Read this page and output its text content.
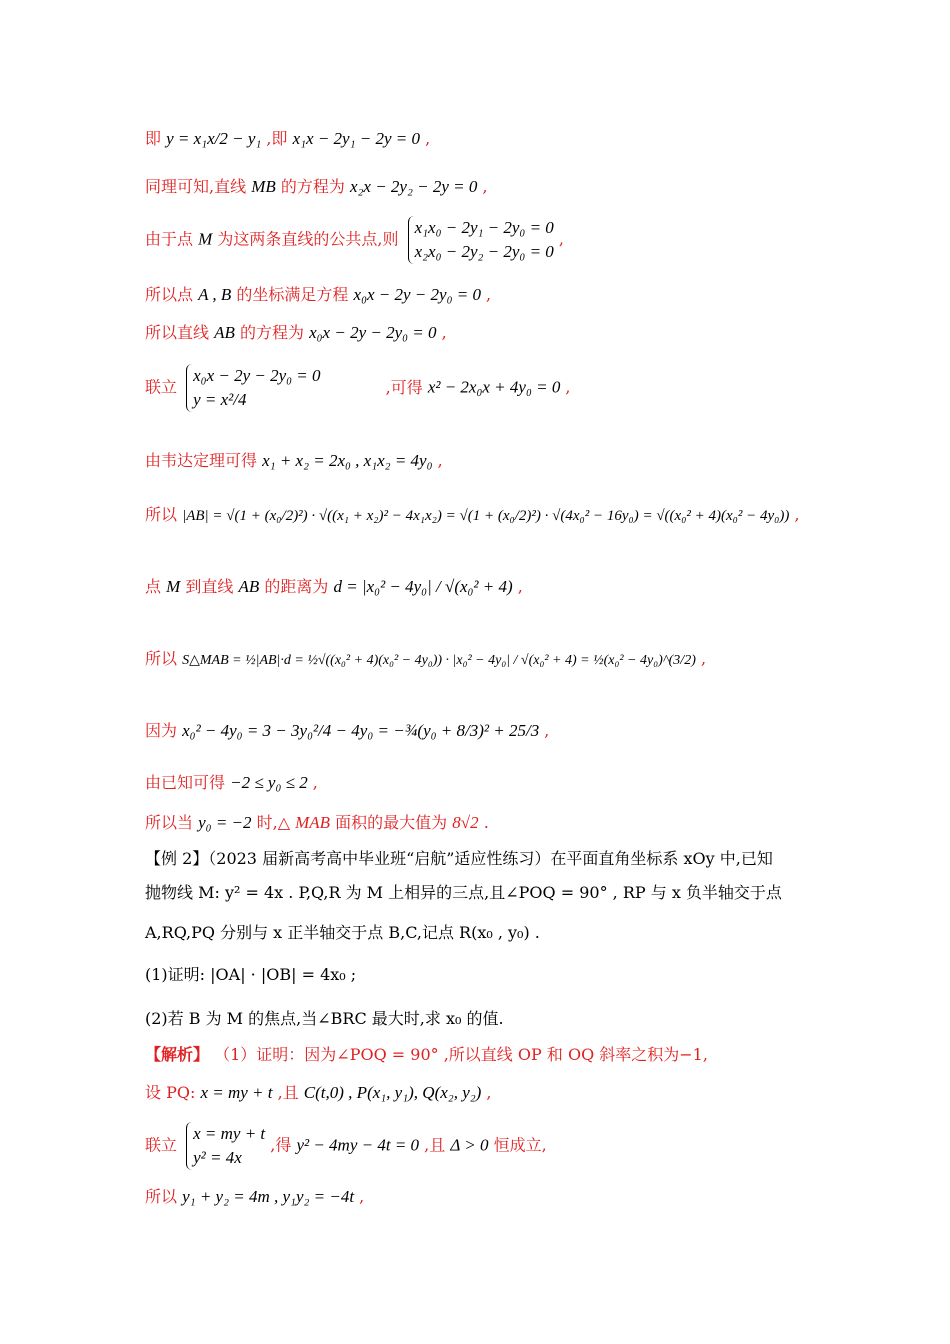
即 y = x₁x/2 − y₁ ,即 x₁x − 2y₁ − 2y = 0 ,
同理可知,直线 MB 的方程为 x₂x − 2y₂ − 2y = 0 ,
由于点 M 为这两条直线的公共点,则
x₁x₀ − 2y₁ − 2y₀ = 0
x₂x₀ − 2y₂ − 2y₀ = 0
,
所以点 A , B 的坐标满足方程 x₀x − 2y − 2y₀ = 0 ,
所以直线 AB 的方程为 x₀x − 2y − 2y₀ = 0 ,
联立
x₀x − 2y − 2y₀ = 0
y = x²/4
,可得 x² − 2x₀x + 4y₀ = 0 ,
由韦达定理可得 x₁ + x₂ = 2x₀ , x₁x₂ = 4y₀ ,
所以 |AB| = √(1 + (x₀/2)²) · √((x₁ + x₂)² − 4x₁x₂) = √(1 + (x₀/2)²) · √(4x₀² − 16y₀) = √((x₀² + 4)(x₀² − 4y₀)) ,
点 M 到直线 AB 的距离为 d = |x₀² − 4y₀| / √(x₀² + 4) ,
所以 S△MAB = ½|AB|·d = ½√((x₀² + 4)(x₀² − 4y₀)) · |x₀² − 4y₀| / √(x₀² + 4) = ½(x₀² − 4y₀)^(3/2) ,
因为 x₀² − 4y₀ = 3 − 3y₀²/4 − 4y₀ = −¾(y₀ + 8/3)² + 25/3 ,
由已知可得 −2 ≤ y₀ ≤ 2 ,
所以当 y₀ = −2 时,△ MAB 面积的最大值为 8√2 .
【例 2】（2023 届新高考高中毕业班“启航”适应性练习）在平面直角坐标系 xOy 中,已知
抛物线 M: y² = 4x . P,Q,R 为 M 上相异的三点,且∠POQ = 90° , RP 与 x 负半轴交于点
A,RQ,PQ 分别与 x 正半轴交于点 B,C,记点 R(x₀ , y₀) .
(1)证明: |OA| · |OB| = 4x₀ ;
(2)若 B 为 M 的焦点,当∠BRC 最大时,求 x₀ 的值.
【解析】 （1）证明：因为∠POQ = 90° ,所以直线 OP 和 OQ 斜率之积为−1,
设 PQ: x = my + t ,且 C(t,0) , P(x₁, y₁), Q(x₂, y₂) ,
联立
x = my + t
y² = 4x
,得 y² − 4my − 4t = 0 ,且 Δ > 0 恒成立,
所以 y₁ + y₂ = 4m , y₁y₂ = −4t ,
